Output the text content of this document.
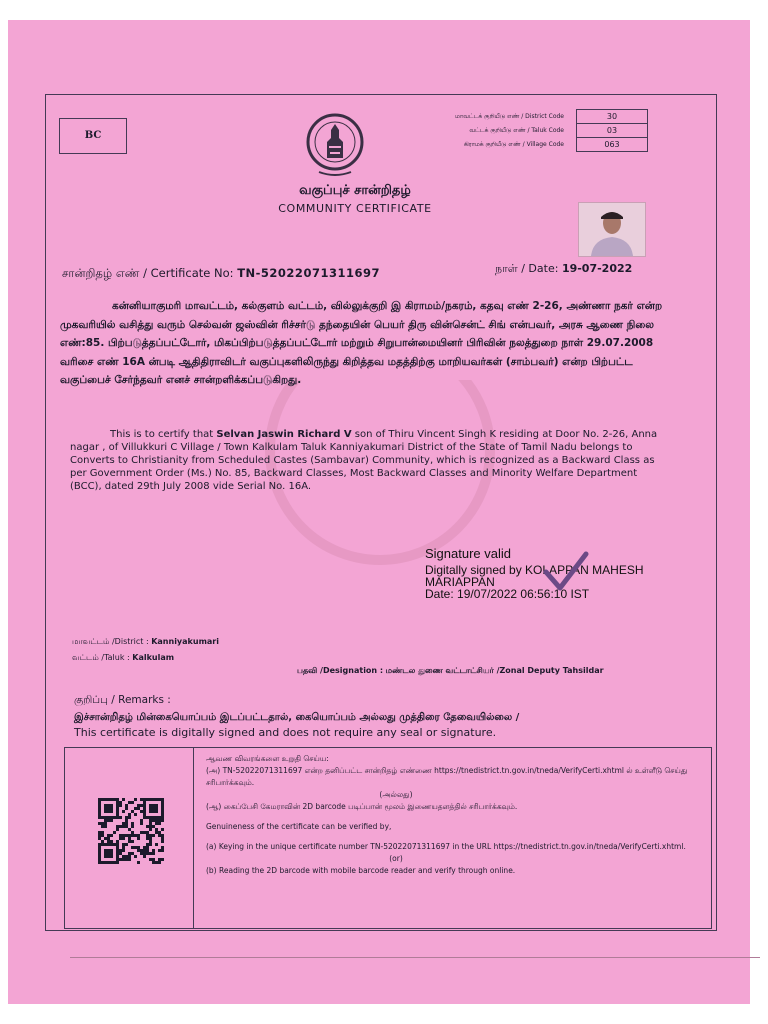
BC
மாவட்டக் குறியீடு எண் / District Code	30
வட்டக் குறியீடு எண் / Taluk Code	03
கிராமக் குறியீடு எண் / Village Code	063
வகுப்புச் சான்றிதழ்
COMMUNITY CERTIFICATE
சான்றிதழ் எண் / Certificate No: TN-52022071311697	நாள் / Date: 19-07-2022
கன்னியாகுமரி மாவட்டம், கல்குளம் வட்டம், வில்லுக்குறி இ கிராமம்/நகரம், கதவு எண் 2-26, அண்ணா நகர் என்ற முகவரியில் வசித்து வரும் செல்வன் ஜஸ்வின் ரிச்சர்டு தந்தையின் பெயர் திரு வின்சென்ட் சிங் என்பவர், அரசு ஆணை நிலை எண்:85. பிற்படுத்தப்பட்டோர், மிகப்பிற்படுத்தப்பட்டோர் மற்றும் சிறுபான்மையினர் பிரிவின் நலத்துறை நாள் 29.07.2008 வரிசை எண் 16A ன்படி ஆதிதிராவிடர் வகுப்புகளிலிருந்து கிறித்தவ மதத்திற்கு மாறியவர்கள் (சாம்பவர்) என்ற பிற்பட்ட வகுப்பைச் சேர்ந்தவர் எனச் சான்றளிக்கப்படுகிறது.
This is to certify that Selvan Jaswin Richard V son of Thiru Vincent Singh K residing at Door No. 2-26, Anna nagar , of Villukkuri C Village / Town Kalkulam Taluk Kanniyakumari District of the State of Tamil Nadu belongs to Converts to Christianity from Scheduled Castes (Sambavar) Community, which is recognized as a Backward Class as per Government Order (Ms.) No. 85, Backward Classes, Most Backward Classes and Minority Welfare Department (BCC), dated 29th July 2008 vide Serial No. 16A.
Signature valid
Digitally signed by KOLAPPAN MAHESH
MARIAPPAN
Date: 19/07/2022 06:56:10 IST
மாவட்டம் /District : Kanniyakumari
வட்டம் /Taluk : Kalkulam
பதவி /Designation : மண்டல துணை வட்டாட்சியர் /Zonal Deputy Tahsildar
குறிப்பு / Remarks :
இச்சான்றிதழ் மின்கையொப்பம் இடப்பட்டதால், கையொப்பம் அல்லது முத்திரை தேவையில்லை /
This certificate is digitally signed and does not require any seal or signature.
ஆவண விவரங்களை உறுதி செய்ய:
(அ) TN-52022071311697 என்ற தனிப்பட்ட சான்றிதழ் எண்ணை https://tnedistrict.tn.gov.in/tneda/VerifyCerti.xhtml ல் உள்ளீடு செய்து சரிபார்க்கவும்.
(அல்லது)
(ஆ) கைப்பேசி கேமராவின் 2D barcode படிப்பான் மூலம் இணையதளத்தில் சரிபார்க்கவும்.
Genuineness of the certificate can be verified by,
(a) Keying in the unique certificate number TN-52022071311697 in the URL https://tnedistrict.tn.gov.in/tneda/VerifyCerti.xhtml.
(or)
(b) Reading the 2D barcode with mobile barcode reader and verify through online.
